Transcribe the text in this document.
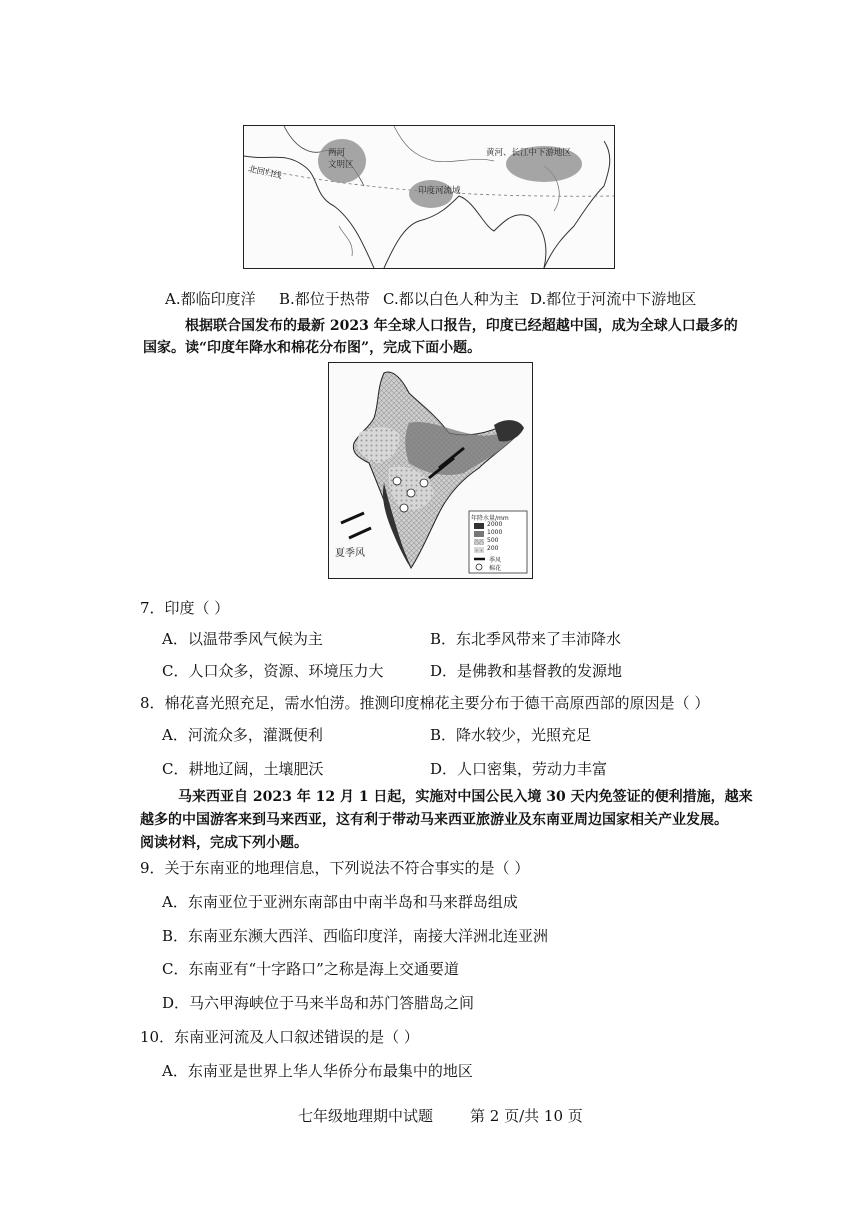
两河
文明区
印度河流域
黄河、长江中下游地区
北回归线
A.都临印度洋 B.都位于热带 C.都以白色人种为主 D.都位于河流中下游地区
根据联合国发布的最新 2023 年全球人口报告，印度已经超越中国，成为全球人口最多的
国家。读“印度年降水和棉花分布图”，完成下面小题。
年降水量/mm
2000
1000
500
200
季风
棉花
夏季风
7．印度（ ）
A．以温带季风气候为主	B．东北季风带来了丰沛降水
C．人口众多，资源、环境压力大	D．是佛教和基督教的发源地
8．棉花喜光照充足，需水怕涝。推测印度棉花主要分布于德干高原西部的原因是（ ）
A．河流众多，灌溉便利	B．降水较少，光照充足
C．耕地辽阔，土壤肥沃	D．人口密集，劳动力丰富
马来西亚自 2023 年 12 月 1 日起，实施对中国公民入境 30 天内免签证的便利措施，越来
越多的中国游客来到马来西亚，这有利于带动马来西亚旅游业及东南亚周边国家相关产业发展。
阅读材料，完成下列小题。
9．关于东南亚的地理信息，下列说法不符合事实的是（ ）
A．东南亚位于亚洲东南部由中南半岛和马来群岛组成
B．东南亚东濒大西洋、西临印度洋，南接大洋洲北连亚洲
C．东南亚有“十字路口”之称是海上交通要道
D．马六甲海峡位于马来半岛和苏门答腊岛之间
10．东南亚河流及人口叙述错误的是（ ）
A．东南亚是世界上华人华侨分布最集中的地区
七年级地理期中试题 第 2 页/共 10 页
